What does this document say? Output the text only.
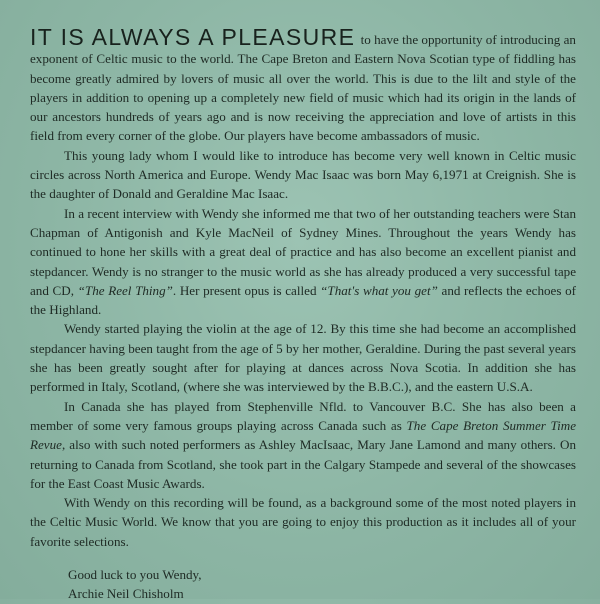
IT IS ALWAYS A PLEASURE to have the opportunity of introducing an exponent of Celtic music to the world. The Cape Breton and Eastern Nova Scotian type of fiddling has become greatly admired by lovers of music all over the world. This is due to the lilt and style of the players in addition to opening up a completely new field of music which had its origin in the lands of our ancestors hundreds of years ago and is now receiving the appreciation and love of artists in this field from every corner of the globe. Our players have become ambassadors of music.

This young lady whom I would like to introduce has become very well known in Celtic music circles across North America and Europe. Wendy Mac Isaac was born May 6,1971 at Creignish. She is the daughter of Donald and Geraldine Mac Isaac.

In a recent interview with Wendy she informed me that two of her outstanding teachers were Stan Chapman of Antigonish and Kyle MacNeil of Sydney Mines. Throughout the years Wendy has continued to hone her skills with a great deal of practice and has also become an excellent pianist and stepdancer. Wendy is no stranger to the music world as she has already produced a very successful tape and CD, “The Reel Thing”. Her present opus is called “That's what you get” and reflects the echoes of the Highland.

Wendy started playing the violin at the age of 12. By this time she had become an accomplished stepdancer having been taught from the age of 5 by her mother, Geraldine. During the past several years she has been greatly sought after for playing at dances across Nova Scotia. In addition she has performed in Italy, Scotland, (where she was interviewed by the B.B.C.), and the eastern U.S.A.

In Canada she has played from Stephenville Nfld. to Vancouver B.C. She has also been a member of some very famous groups playing across Canada such as The Cape Breton Summer Time Revue, also with such noted performers as Ashley MacIsaac, Mary Jane Lamond and many others. On returning to Canada from Scotland, she took part in the Calgary Stampede and several of the showcases for the East Coast Music Awards.

With Wendy on this recording will be found, as a background some of the most noted players in the Celtic Music World. We know that you are going to enjoy this production as it includes all of your favorite selections.

Good luck to you Wendy,
Archie Neil Chisholm
